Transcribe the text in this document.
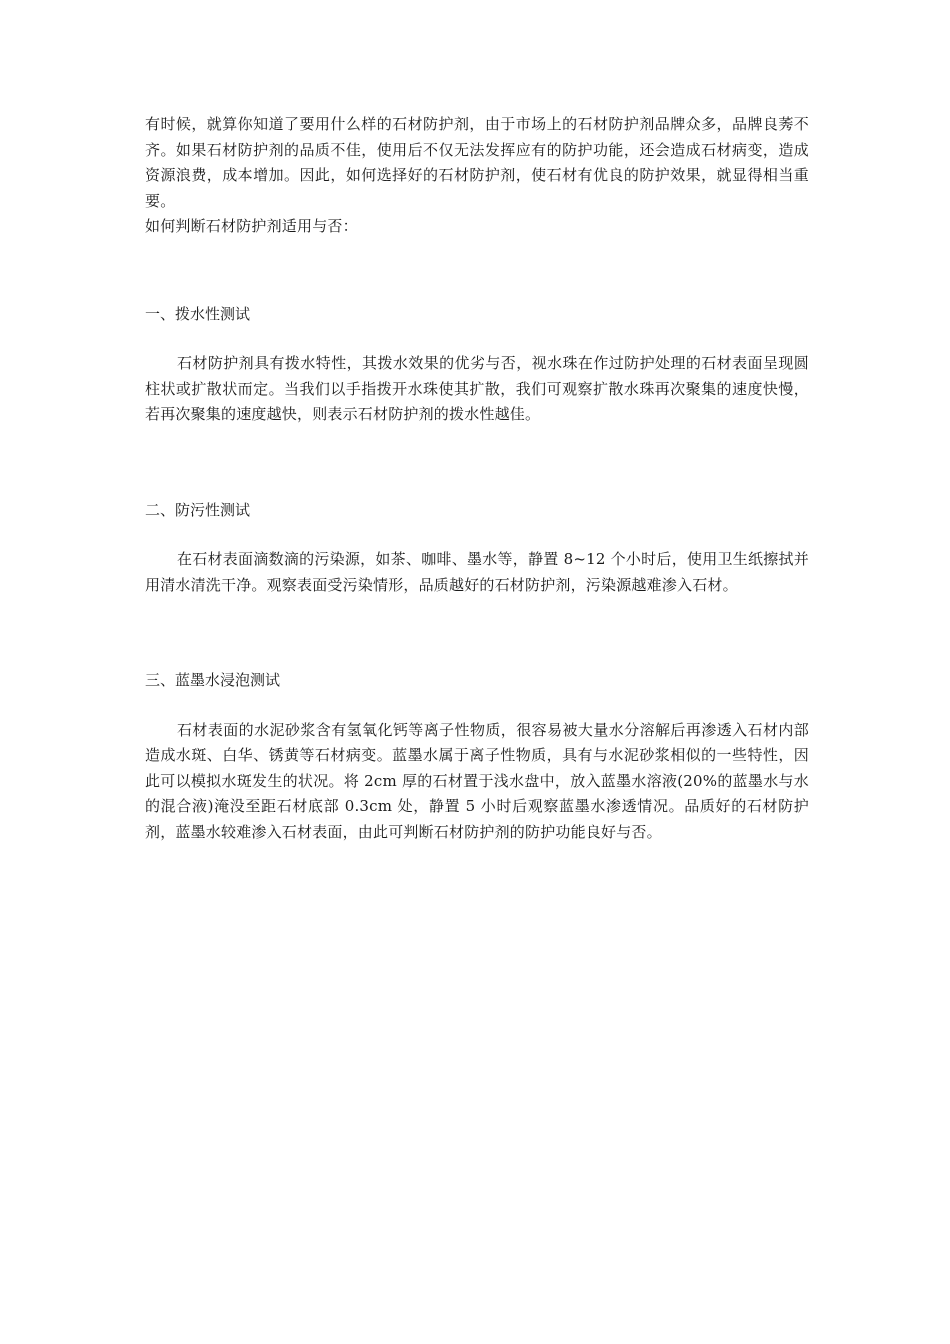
有时候，就算你知道了要用什么样的石材防护剂，由于市场上的石材防护剂品牌众多，品牌良莠不齐。如果石材防护剂的品质不佳，使用后不仅无法发挥应有的防护功能，还会造成石材病变，造成资源浪费，成本增加。因此，如何选择好的石材防护剂，使石材有优良的防护效果，就显得相当重要。

如何判断石材防护剂适用与否：

一、拨水性测试

石材防护剂具有拨水特性，其拨水效果的优劣与否，视水珠在作过防护处理的石材表面呈现圆柱状或扩散状而定。当我们以手指拨开水珠使其扩散，我们可观察扩散水珠再次聚集的速度快慢，若再次聚集的速度越快，则表示石材防护剂的拨水性越佳。

二、防污性测试

在石材表面滴数滴的污染源，如茶、咖啡、墨水等，静置 8~12 个小时后，使用卫生纸擦拭并用清水清洗干净。观察表面受污染情形，品质越好的石材防护剂，污染源越难渗入石材。

三、蓝墨水浸泡测试

石材表面的水泥砂浆含有氢氧化钙等离子性物质，很容易被大量水分溶解后再渗透入石材内部造成水斑、白华、锈黄等石材病变。蓝墨水属于离子性物质，具有与水泥砂浆相似的一些特性，因此可以模拟水斑发生的状况。将 2cm 厚的石材置于浅水盘中，放入蓝墨水溶液(20%的蓝墨水与水的混合液)淹没至距石材底部 0.3cm 处，静置 5 小时后观察蓝墨水渗透情况。品质好的石材防护剂，蓝墨水较难渗入石材表面，由此可判断石材防护剂的防护功能良好与否。
